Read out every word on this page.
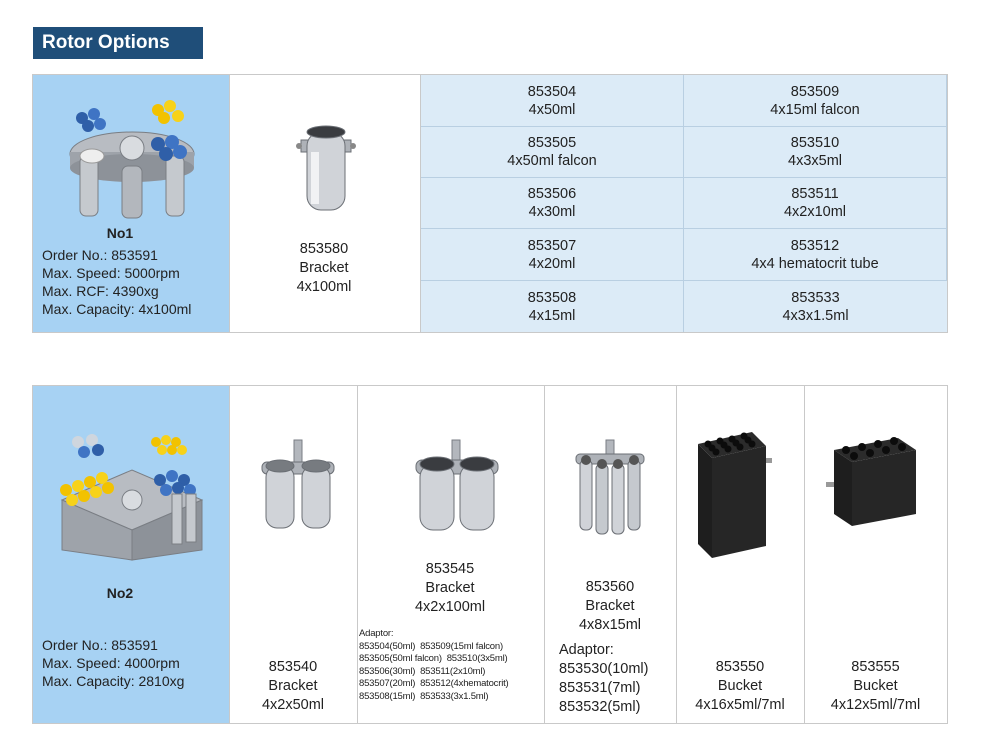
Rotor Options
No1
Order No.: 853591
Max. Speed: 5000rpm
Max. RCF: 4390xg
Max. Capacity: 4x100ml
853580
Bracket
4x100ml
853504
4x50ml
853509
4x15ml falcon
853505
4x50ml falcon
853510
4x3x5ml
853506
4x30ml
853511
4x2x10ml
853507
4x20ml
853512
4x4 hematocrit tube
853508
4x15ml
853533
4x3x1.5ml
No2
Order No.: 853591
Max. Speed: 4000rpm
Max. Capacity: 2810xg
853540
Bracket
4x2x50ml
853545
Bracket
4x2x100ml
Adaptor:
853504(50ml)  853509(15ml falcon)
853505(50ml falcon)  853510(3x5ml)
853506(30ml)  853511(2x10ml)
853507(20ml)  853512(4xhematocrit)
853508(15ml)  853533(3x1.5ml)
853560
Bracket
4x8x15ml
Adaptor:
853530(10ml)
853531(7ml)
853532(5ml)
853550
Bucket
4x16x5ml/7ml
853555
Bucket
4x12x5ml/7ml
